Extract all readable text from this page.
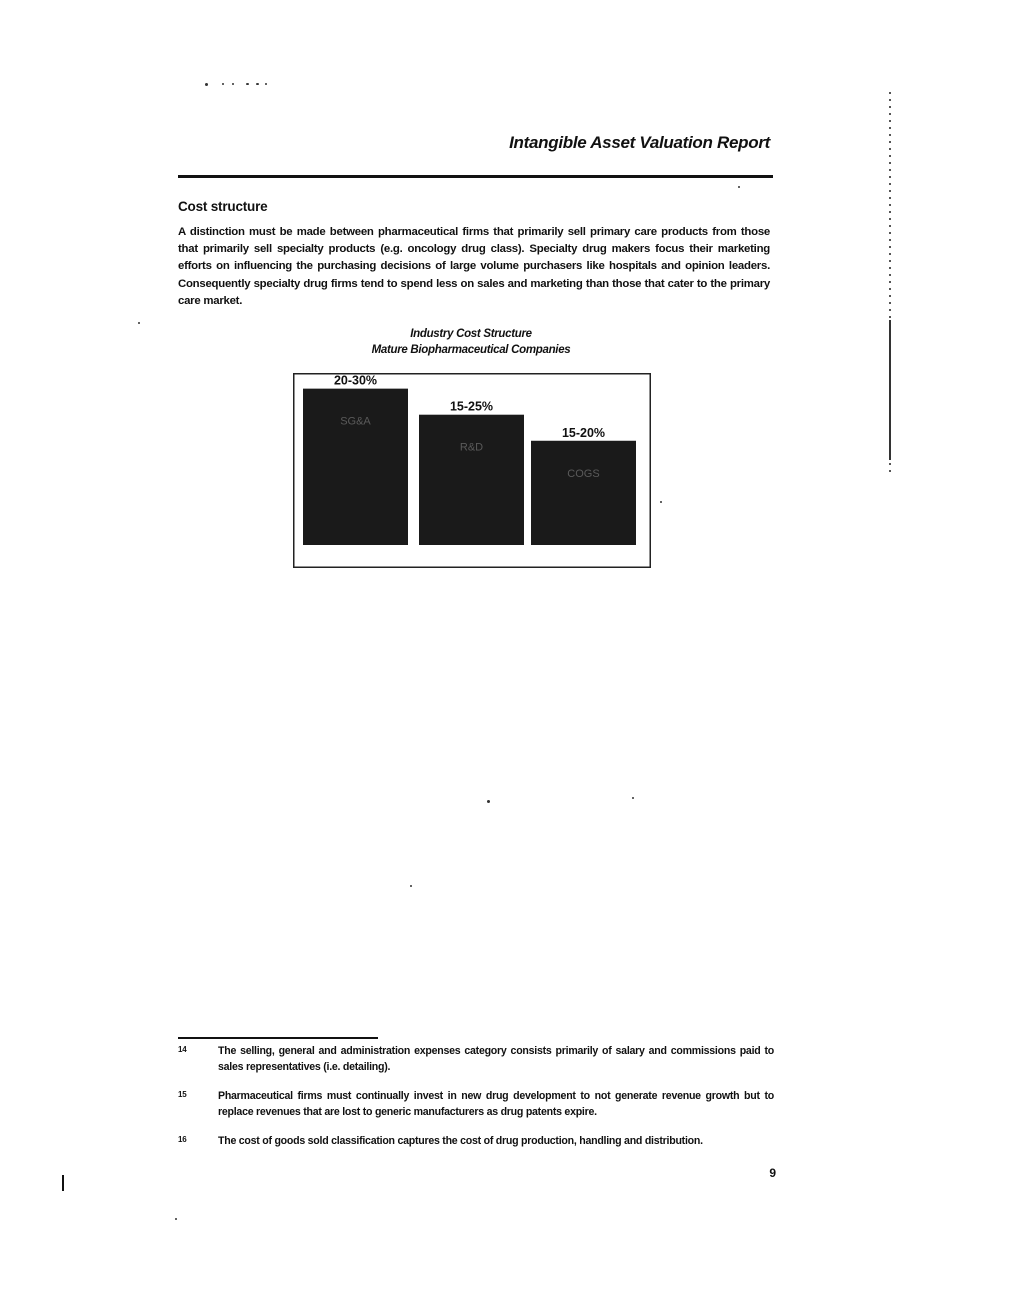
Intangible Asset Valuation Report
Cost structure

A distinction must be made between pharmaceutical firms that primarily sell primary care products from those that primarily sell specialty products (e.g. oncology drug class). Specialty drug makers focus their marketing efforts on influencing the purchasing decisions of large volume purchasers like hospitals and opinion leaders. Consequently specialty drug firms tend to spend less on sales and marketing than those that cater to the primary care market.

Industry Cost Structure
Mature Biopharmaceutical Companies
20-30%
SG&A
15-25%
R&D
15-20%
COGS
14	The selling, general and administration expenses category consists primarily of salary and commissions paid to sales representatives (i.e. detailing).
15	Pharmaceutical firms must continually invest in new drug development to not generate revenue growth but to replace revenues that are lost to generic manufacturers as drug patents expire.
16	The cost of goods sold classification captures the cost of drug production, handling and distribution.
9
